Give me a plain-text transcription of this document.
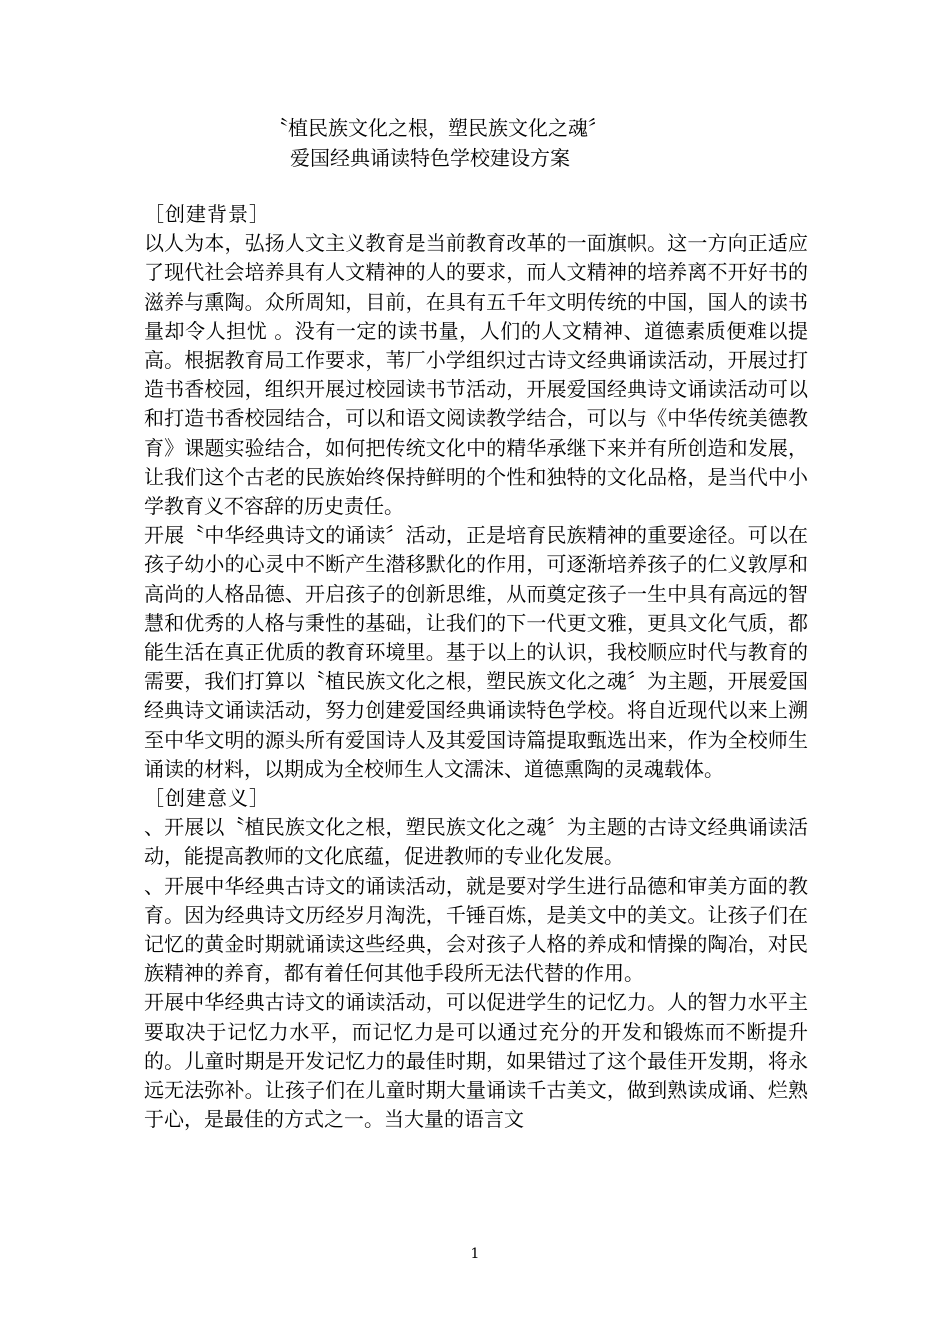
〝植民族文化之根，塑民族文化之魂〞
爱国经典诵读特色学校建设方案

［创建背景］

以人为本，弘扬人文主义教育是当前教育改革的一面旗帜。这一方向正适应了现代社会培养具有人文精神的人的要求，而人文精神的培养离不开好书的滋养与熏陶。众所周知，目前，在具有五千年文明传统的中国，国人的读书量却令人担忧 。没有一定的读书量，人们的人文精神、道德素质便难以提高。根据教育局工作要求，苇厂小学组织过古诗文经典诵读活动，开展过打造书香校园，组织开展过校园读书节活动，开展爱国经典诗文诵读活动可以和打造书香校园结合，可以和语文阅读教学结合，可以与《中华传统美德教育》课题实验结合，如何把传统文化中的精华承继下来并有所创造和发展，让我们这个古老的民族始终保持鲜明的个性和独特的文化品格，是当代中小学教育义不容辞的历史责任。

开展〝中华经典诗文的诵读〞活动，正是培育民族精神的重要途径。可以在孩子幼小的心灵中不断产生潜移默化的作用，可逐渐培养孩子的仁义敦厚和高尚的人格品德、开启孩子的创新思维，从而奠定孩子一生中具有高远的智慧和优秀的人格与秉性的基础，让我们的下一代更文雅，更具文化气质，都能生活在真正优质的教育环境里。基于以上的认识，我校顺应时代与教育的需要，我们打算以〝植民族文化之根，塑民族文化之魂〞为主题，开展爱国经典诗文诵读活动，努力创建爱国经典诵读特色学校。将自近现代以来上溯至中华文明的源头所有爱国诗人及其爱国诗篇提取甄选出来，作为全校师生诵读的材料，以期成为全校师生人文濡沫、道德熏陶的灵魂载体。

［创建意义］

、开展以〝植民族文化之根，塑民族文化之魂〞为主题的古诗文经典诵读活动，能提高教师的文化底蕴，促进教师的专业化发展。

、开展中华经典古诗文的诵读活动，就是要对学生进行品德和审美方面的教育。因为经典诗文历经岁月淘洗，千锤百炼，是美文中的美文。让孩子们在记忆的黄金时期就诵读这些经典，会对孩子人格的养成和情操的陶冶，对民族精神的养育，都有着任何其他手段所无法代替的作用。

开展中华经典古诗文的诵读活动，可以促进学生的记忆力。人的智力水平主要取决于记忆力水平，而记忆力是可以通过充分的开发和锻炼而不断提升的。儿童时期是开发记忆力的最佳时期，如果错过了这个最佳开发期，将永远无法弥补。让孩子们在儿童时期大量诵读千古美文，做到熟读成诵、烂熟于心，是最佳的方式之一。当大量的语言文

1
